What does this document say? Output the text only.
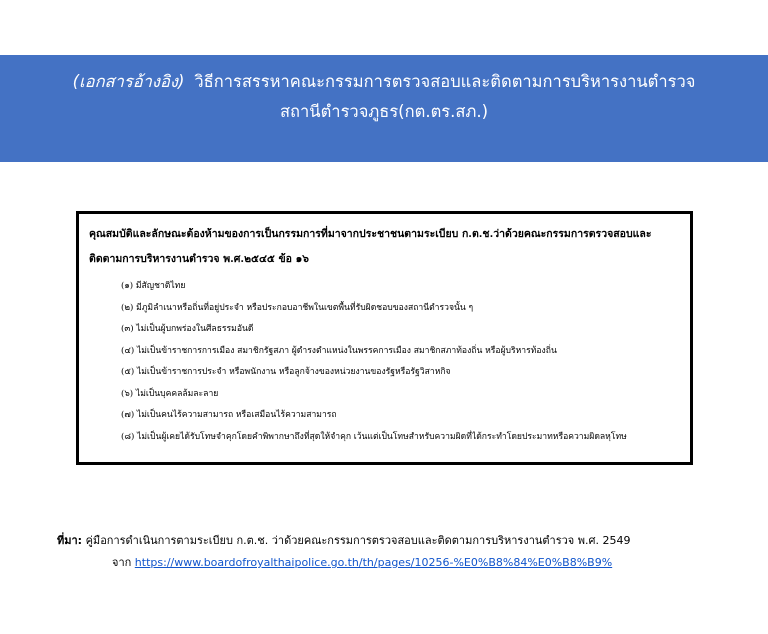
(เอกสารอ้างอิง) วิธีการสรรหาคณะกรรมการตรวจสอบและติดตามการบริหารงานตำรวจ
สถานีตำรวจภูธร(กต.ตร.สภ.)
คุณสมบัติและลักษณะต้องห้ามของการเป็นกรรมการที่มาจากประชาชนตามระเบียบ ก.ต.ช.ว่าด้วยคณะกรรมการตรวจสอบและติดตามการบริหารงานตำรวจ พ.ศ.๒๕๔๕ ข้อ ๑๖
(๑) มีสัญชาติไทย
(๒) มีภูมิลำเนาหรือถิ่นที่อยู่ประจำ หรือประกอบอาชีพในเขตพื้นที่รับผิดชอบของสถานีตำรวจนั้น ๆ
(๓) ไม่เป็นผู้บกพร่องในศีลธรรมอันดี
(๔) ไม่เป็นข้าราชการการเมือง สมาชิกรัฐสภา ผู้ดำรงตำแหน่งในพรรคการเมือง สมาชิกสภาท้องถิ่น หรือผู้บริหารท้องถิ่น
(๕) ไม่เป็นข้าราชการประจำ หรือพนักงาน หรือลูกจ้างของหน่วยงานของรัฐหรือรัฐวิสาหกิจ
(๖) ไม่เป็นบุคคลล้มละลาย
(๗) ไม่เป็นคนไร้ความสามารถ หรือเสมือนไร้ความสามารถ
(๘) ไม่เป็นผู้เคยได้รับโทษจำคุกโดยคำพิพากษาถึงที่สุดให้จำคุก เว้นแต่เป็นโทษสำหรับความผิดที่ได้กระทำโดยประมาทหรือความผิดลหุโทษ
ที่มา: คู่มือการดำเนินการตามระเบียบ ก.ต.ช. ว่าด้วยคณะกรรมการตรวจสอบและติดตามการบริหารงานตำรวจ พ.ศ. 2549
จาก https://www.boardofroyalthaipolice.go.th/th/pages/10256-%E0%B8%84%E0%B8%B9%
